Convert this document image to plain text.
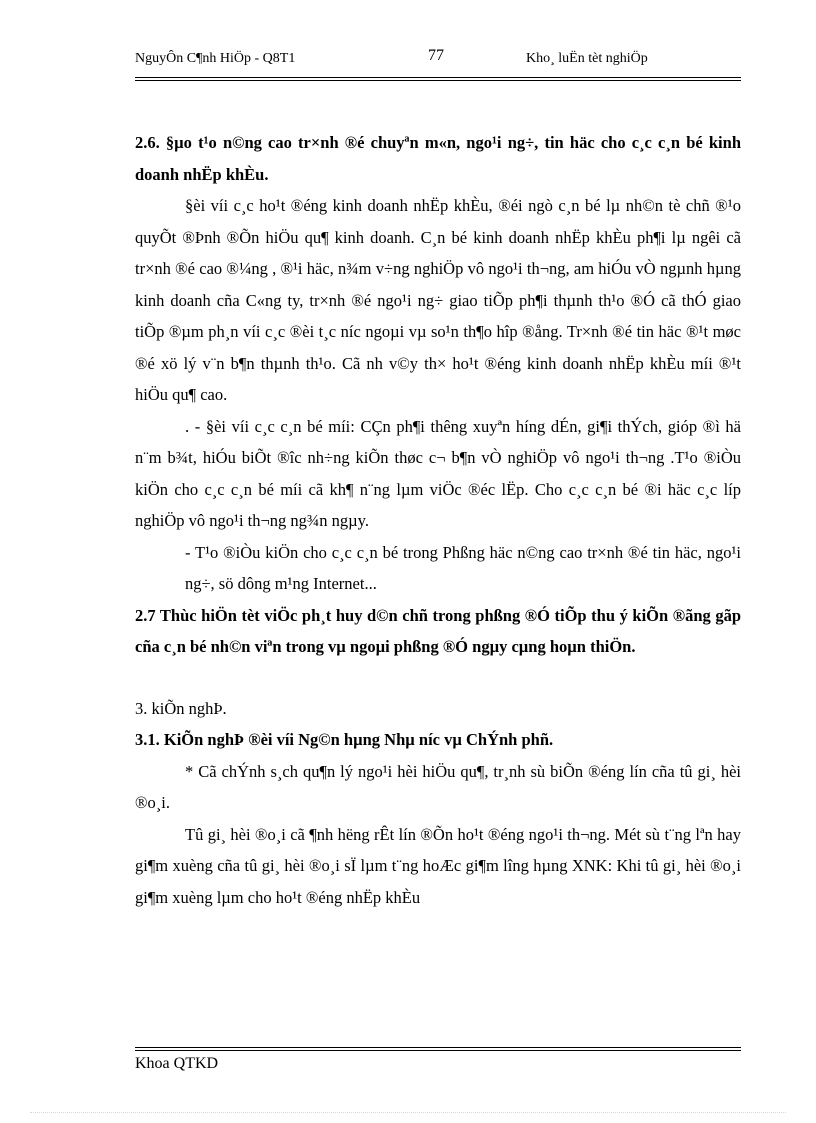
NguyÔn C¶nh HiÖp - Q8T1	77	Kho¸ luËn tèt nghiÖp

2.6. §µo t¹o n©ng cao tr×nh ®é chuyªn m«n, ngo¹i ng÷, tin häc cho c¸c c¸n bé kinh doanh nhËp khÈu.

§èi víi c¸c ho¹t ®éng kinh doanh nhËp khÈu, ®éi ngò c¸n bé lµ nh©n tè chñ ®¹o quyÕt ®Þnh ®Õn hiÖu qu¶ kinh doanh. C¸n bé kinh doanh nhËp khÈu ph¶i lµ ngêi cã tr×nh ®é cao ®¼ng , ®¹i häc, n¾m v÷ng nghiÖp vô ngo¹i th¬ng, am hiÓu vÒ ngµnh hµng kinh doanh cña C«ng ty, tr×nh ®é ngo¹i ng÷ giao tiÕp ph¶i thµnh th¹o ®Ó cã thÓ giao tiÕp ®µm ph¸n víi c¸c ®èi t¸c níc ngoµi vµ so¹n th¶o hîp ®ång. Tr×nh ®é tin häc ®¹t møc ®é xö lý v¨n b¶n thµnh th¹o. Cã nh v©y th× ho¹t ®éng kinh doanh nhËp khÈu míi ®¹t hiÖu qu¶ cao.

. - §èi víi c¸c c¸n bé míi: CÇn ph¶i thêng xuyªn híng dÉn, gi¶i thÝch, gióp ®ì hä n¨m b¾t, hiÓu biÕt ®îc nh÷ng kiÕn thøc c¬ b¶n vÒ nghiÖp vô ngo¹i th¬ng .T¹o ®iÒu kiÖn cho c¸c c¸n bé míi cã kh¶ n¨ng lµm viÖc ®éc lËp. Cho c¸c c¸n bé ®i häc c¸c líp nghiÖp vô ngo¹i th¬ng ng¾n ngµy.

- T¹o ®iÒu kiÖn cho c¸c c¸n bé trong Phßng häc n©ng cao tr×nh ®é tin häc, ngo¹i ng÷, sö dông m¹ng Internet...

2.7 Thùc hiÖn tèt viÖc ph¸t huy d©n chñ trong phßng ®Ó tiÕp thu ý kiÕn ®ãng gãp cña c¸n bé nh©n viªn trong vµ ngoµi phßng ®Ó ngµy cµng hoµn thiÖn.

3. kiÕn nghÞ.

3.1. KiÕn nghÞ ®èi víi Ng©n hµng Nhµ níc vµ ChÝnh phñ.

* Cã chÝnh s¸ch qu¶n lý ngo¹i hèi hiÖu qu¶, tr¸nh sù biÕn ®éng lín cña tû gi¸ hèi ®o¸i.

Tû gi¸ hèi ®o¸i cã ¶nh hëng rÊt lín ®Õn ho¹t ®éng ngo¹i th¬ng. Mét sù t¨ng lªn hay gi¶m xuèng cña tû gi¸ hèi ®o¸i sÏ lµm t¨ng hoÆc gi¶m lîng hµng XNK: Khi tû gi¸ hèi ®o¸i gi¶m xuèng lµm cho ho¹t ®éng nhËp khÈu

Khoa QTKD
